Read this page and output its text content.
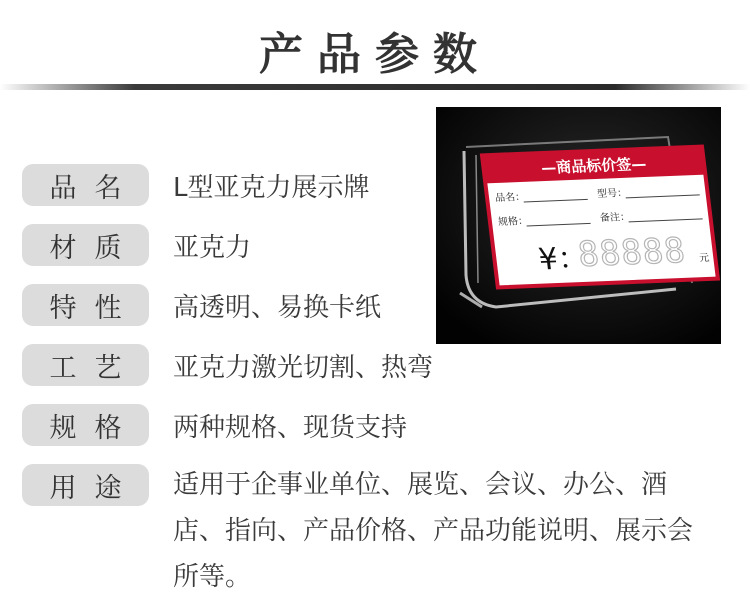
产品参数
品名	L型亚克力展示牌
材质	亚克力
特性	高透明、易换卡纸
工艺	亚克力激光切割、热弯
规格	两种规格、现货支持
用途	适用于企事业单位、展览、会议、办公、酒店、指向、产品价格、产品功能说明、展示会所等。
—商品标价签—
品名：	型号：
规格：	备注：
¥：
88888 元
